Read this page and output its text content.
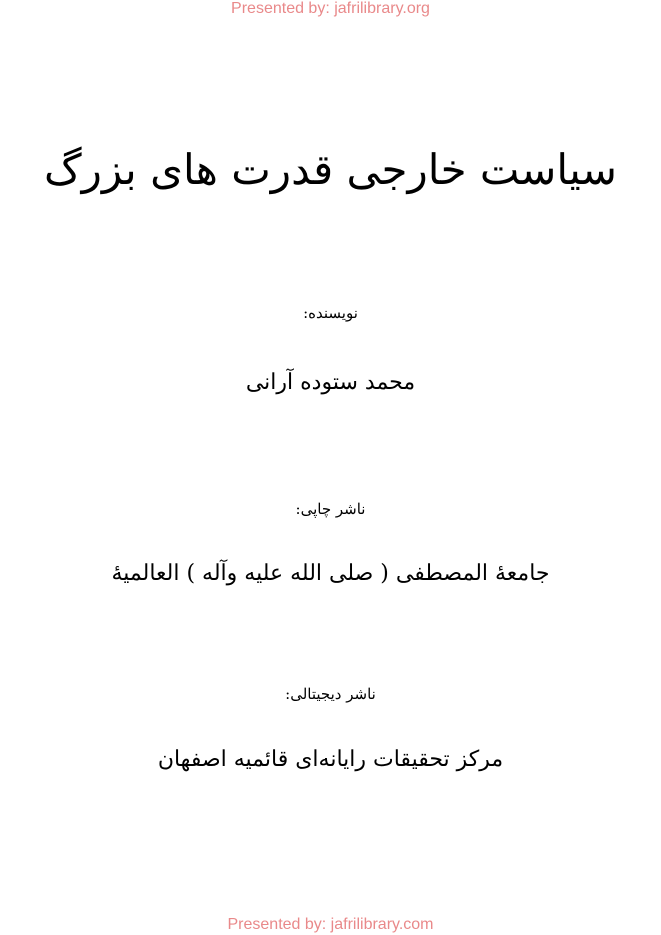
Presented by: jafrilibrary.org
سیاست خارجی قدرت های بزرگ
نویسنده:
محمد ستوده آرانی
ناشر چاپی:
جامعهٔ المصطفی ( صلی الله علیه وآله ) العالمیهٔ
ناشر دیجیتالی:
مرکز تحقیقات رایانه‌ای قائمیه اصفهان
Presented by: jafrilibrary.com
